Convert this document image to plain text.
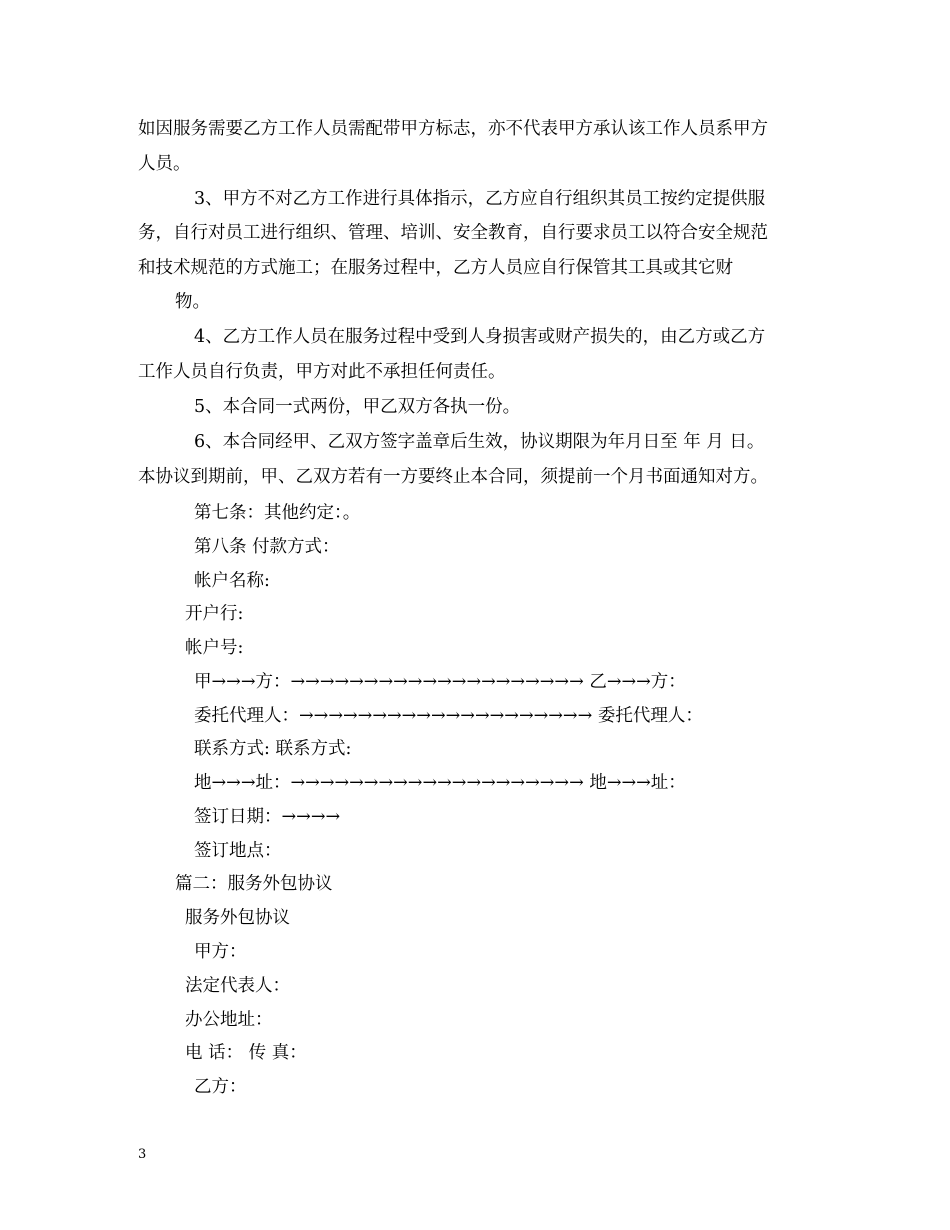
如因服务需要乙方工作人员需配带甲方标志，亦不代表甲方承认该工作人员系甲方
人员。
3、甲方不对乙方工作进行具体指示，乙方应自行组织其员工按约定提供服
务，自行对员工进行组织、管理、培训、安全教育，自行要求员工以符合安全规范
和技术规范的方式施工；在服务过程中，乙方人员应自行保管其工具或其它财
物。
4、乙方工作人员在服务过程中受到人身损害或财产损失的，由乙方或乙方
工作人员自行负责，甲方对此不承担任何责任。
5、本合同一式两份，甲乙双方各执一份。
6、本合同经甲、乙双方签字盖章后生效，协议期限为年月日至 年 月 日。
本协议到期前，甲、乙双方若有一方要终止本合同，须提前一个月书面通知对方。
第七条：其他约定：。
第八条 付款方式：
帐户名称:
开户行:
帐户号:
甲→→→方：→→→→→→→→→→→→→→→→→→→→ 乙→→→方：
委托代理人：→→→→→→→→→→→→→→→→→→→→ 委托代理人：
联系方式: 联系方式:
地→→→址：→→→→→→→→→→→→→→→→→→→→ 地→→→址：
签订日期：→→→→
签订地点：
篇二：服务外包协议
服务外包协议
甲方：
法定代表人：
办公地址：
电 话： 传 真：
乙方：
3
